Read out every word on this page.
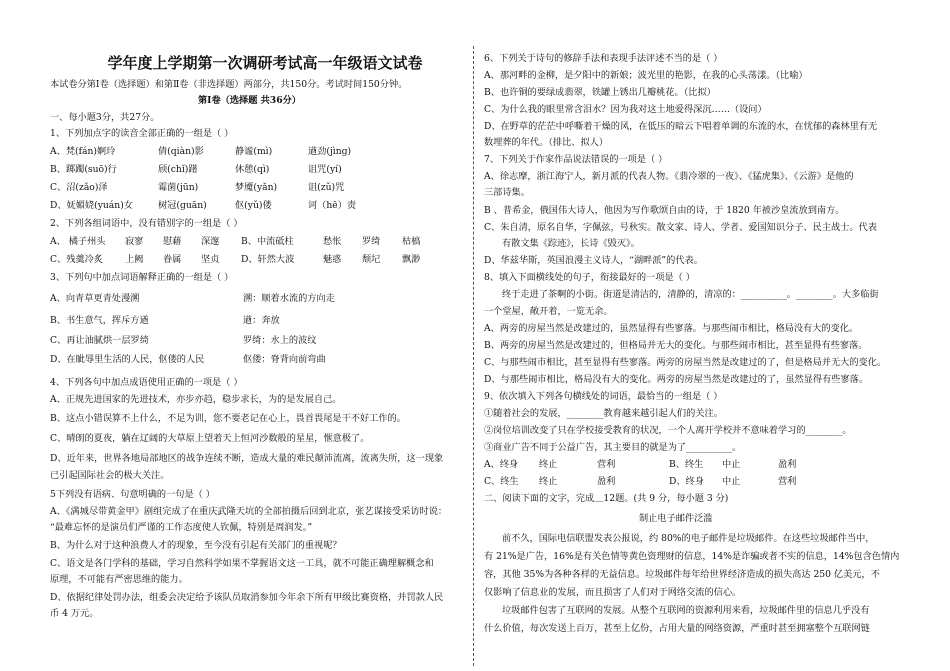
学年度上学期第一次调研考试高一年级语文试卷
本试卷分第Ⅰ卷（选择题）和第Ⅱ卷（非选择题）两部分，共150分。考试时间150分钟。
第Ⅰ卷（选择题 共36分）
一、每小题3分，共27分。
1、下列加点字的读音全部正确的一组是（ ）
A、梵(fán)婀玲	倩(qiàn)影	静谧(mì)	遒劲(jìng)
B、踯躅(suō)行	颀(chǐ)躇	休憩(qì)	诅咒(yí)
C、沼(zǎo)泽	霉菌(jūn)	梦魇(yǎn)	诅(zǔ)咒
D、妩媚娆(yuán)女	树冠(guān)	伛(yǔ)偻	诃（hē）责
2、下列各组词语中，没有错别字的一组是（ ）
A、 橘子州头 寂寥 慰藉 深邃 B、中流砥柱	愁怅 罗绮 枯槁
C、残羹冷炙 上阙 眷属 坚贞 D、轩然大波	魅惑 颓圮 飘渺
3、下列句中加点词语解释正确的一组是（ ）
A、向青草更青处漫溯	溯：顺着水流的方向走
B、书生意气，挥斥方遒	遒：奔放
C、再让油腻烘一层罗绮	罗绮：水上的波纹
D、在眦辱里生活的人民，伛偻的人民	伛偻：脊背向前弯曲
4、下列各句中加点成语使用正确的一项是（ ）
A、正规先进国家的先进技术，亦步亦趋，稳步求长，为的是发展自己。
B、这点小错误算不上什么，不足为训，您不要老记在心上，畏首畏尾是干不好工作的。
C、晴朗的夏夜，躺在辽阔的大草原上望着天上恒河沙数般的星星，惬意极了。
D、近年来，世界各地局部地区的战争连续不断，造成大量的难民颠沛流离，流离失所，这一现象
已引起国际社会的极大关注。
5下列没有语病、句意明确的一句是（ ）
A、《满城尽带黄金甲》剧组完成了在重庆武隆天坑的全部拍摄后回到北京，张艺谋接受采访时说：
“最难忘怀的是演员们严谨的工作态度使人钦佩，特别是周润发。”
B、为什么对于这种浪费人才的现象，至今没有引起有关部门的重视呢？
C、语文是各门学科的基础，学习自然科学如果不掌握语文这一工具，就不可能正确理解概念和
原理，不可能有严密思维的能力。
D、依据纪律处罚办法，组委会决定给予该队员取消参加今年余下所有甲级比赛资格，并罚款人民
币 4 万元。
6、下列关于诗句的修辞手法和表现手法评述不当的是（ ）
A、那河畔的金柳，是夕阳中的新娘；波光里的艳影，在我的心头荡漾。（比喻）
B、也许铜的要绿成翡翠，铁罐上锈出几瓣桃花。（比拟）
C、为什么我的眼里常含泪水？因为我对这土地爱得深沉……（设问）
D、在野草的茫茫中呼嘶着干燥的风，在低压的暗云下唱着单调的东流的水，在忧郁的森林里有无
数埋葬的年代。（排比、拟人）
7、下列关于作家作品说法错误的一项是（ ）
A、徐志摩，浙江海宁人，新月派的代表人物。《翡冷翠的一夜》、《猛虎集》、《云游》是他的
三部诗集。
B 、普希金，俄国伟大诗人，他因为写作歌颂自由的诗，于 1820 年被沙皇流放到南方。
C、朱自清，原名自华，字佩弦，号秋实。散文家、诗人、学者、爱国知识分子、民主战士。代表
有散文集《踪迹》，长诗《毁灭》。
D、华兹华斯，英国浪漫主义诗人，“湖畔派”的代表。
8、填入下面横线处的句子，衔接最好的一项是（ ）
终于走进了茶啊的小街。街道是清洁的，清静的，清凉的：__________。________。大多临街
一个堂屋，敞开着，一览无余。
A、两旁的房屋当然是改建过的，虽然显得有些寥落。与那些闹市相比，格局没有大的变化。
B、两旁的房屋当然是改建过的，但格局并无大的变化。与那些闹市相比，甚至显得有些寥落。
C、与那些闹市相比，甚至显得有些寥落。两旁的房屋当然是改建过的了，但是格局并无大的变化。
D、与那些闹市相比，格局没有大的变化。两旁的房屋当然是改建过的了，虽然显得有些寥落。
9、依次填入下列各句横线处的词语，最恰当的一组是（ ）
①随着社会的发展，________教育越来越引起人们的关注。
②岗位培训改变了只在学校接受教育的状况，一个人离开学校并不意味着学习的________。
③商业广告不同于公益广告，其主要目的就是为了__________。
A、终身 终止	营利	B、终生 中止	盈利
C、终生 终止	盈利	D、终身 中止	营利
二、阅读下面的文字，完成＿12题。(共 9 分，每小题 3 分)
制止电子邮件泛滥
前不久，国际电信联盟发表公报说，约 80%的电子邮件是垃圾邮件。在这些垃圾邮件当中，
有 21%是广告，16%是有关色情等黄色资理财的信息，14%是诈骗或者不实的信息，14%包含色情内
容，其他 35%为各种各样的无益信息。垃圾邮件每年给世界经济造成的损失高达 250 亿美元，不
仅影响了信息业的发展，而且损害了人们对于网络交流的信心。
垃圾邮件包害了互联网的发展。从整个互联网的资源利用来看，垃圾邮件里的信息几乎没有
什么价值，每次发送上百万，甚至上亿份，占用大量的网络资源，严重时甚至拥塞整个互联网链
